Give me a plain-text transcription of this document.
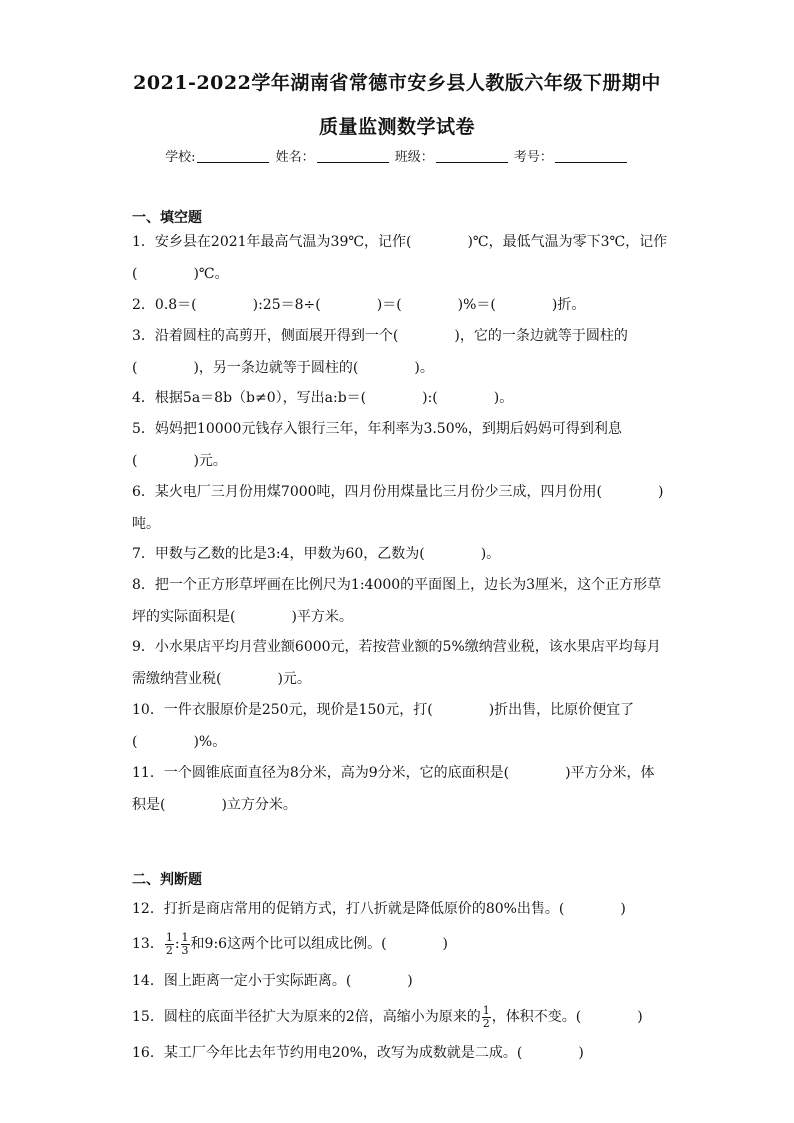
2021-2022学年湖南省常德市安乡县人教版六年级下册期中
质量监测数学试卷
学校:	姓名：	班级：	考号：
一、填空题
1．安乡县在2021年最高气温为39℃，记作(　　　　)℃，最低气温为零下3℃，记作
(　　　　)℃。
2．0.8＝(　　　　):25＝8÷(　　　　)＝(　　　　)%＝(　　　　)折。
3．沿着圆柱的高剪开，侧面展开得到一个(　　　　)，它的一条边就等于圆柱的
(　　　　)，另一条边就等于圆柱的(　　　　)。
4．根据5a＝8b（b≠0），写出a:b＝(　　　　):(　　　　)。
5．妈妈把10000元钱存入银行三年，年利率为3.50%，到期后妈妈可得到利息
(　　　　)元。
6．某火电厂三月份用煤7000吨，四月份用煤量比三月份少三成，四月份用(　　　　)
吨。
7．甲数与乙数的比是3:4，甲数为60，乙数为(　　　　)。
8．把一个正方形草坪画在比例尺为1:4000的平面图上，边长为3厘米，这个正方形草
坪的实际面积是(　　　　)平方米。
9．小水果店平均月营业额6000元，若按营业额的5%缴纳营业税，该水果店平均每月
需缴纳营业税(　　　　)元。
10．一件衣服原价是250元，现价是150元，打(　　　　)折出售，比原价便宜了
(　　　　)%。
11．一个圆锥底面直径为8分米，高为9分米，它的底面积是(　　　　)平方分米，体
积是(　　　　)立方分米。
二、判断题
12．打折是商店常用的促销方式，打八折就是降低原价的80%出售。(　　　　)
13． $\frac{1}{2}$ : $\frac{1}{3}$ 和9:6这两个比可以组成比例。(　　　　)
14．图上距离一定小于实际距离。(　　　　)
15．圆柱的底面半径扩大为原来的2倍，高缩小为原来的 $\frac{1}{2}$ ，体积不变。(　　　　)
16．某工厂今年比去年节约用电20%，改写为成数就是二成。(　　　　)
